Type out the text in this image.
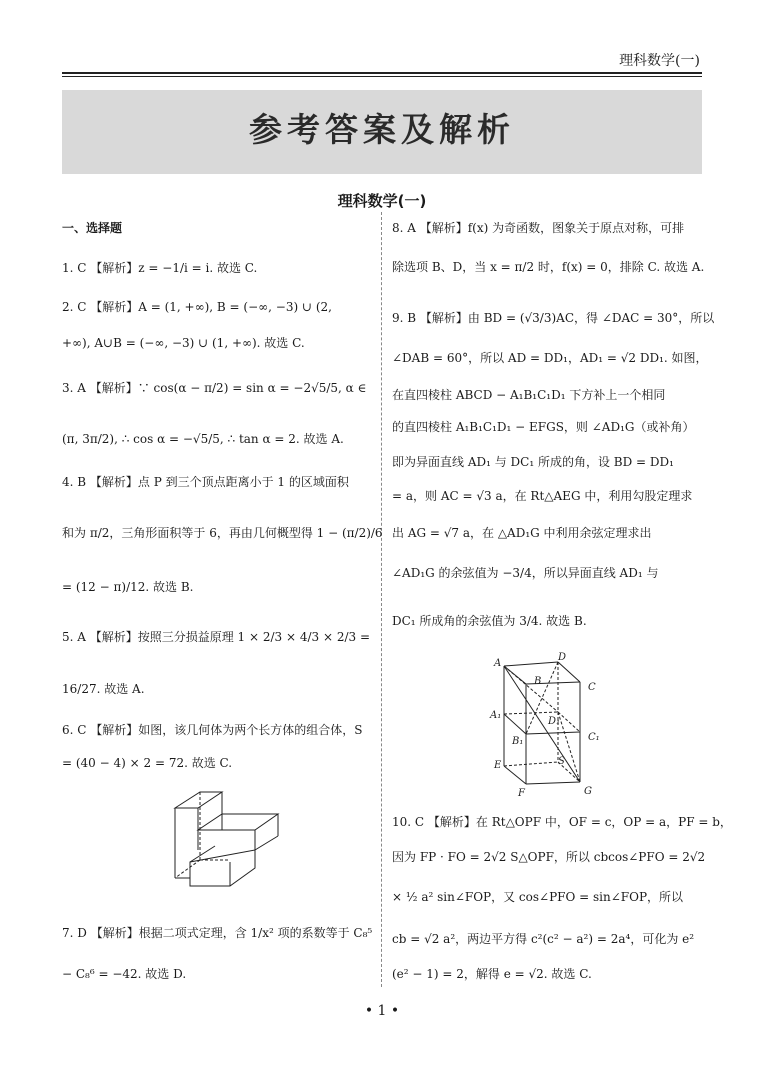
理科数学(一)
参考答案及解析
理科数学(一)
一、选择题
1. C 【解析】z = −1/i = i. 故选 C.
2. C 【解析】A = (1, +∞), B = (−∞, −3) ∪ (2,
+∞), A∪B = (−∞, −3) ∪ (1, +∞). 故选 C.
3. A 【解析】∵ cos(α − π/2) = sin α = −2√5/5, α ∈
(π, 3π/2), ∴ cos α = −√5/5, ∴ tan α = 2. 故选 A.
4. B 【解析】点 P 到三个顶点距离小于 1 的区域面积
和为 π/2，三角形面积等于 6，再由几何概型得 1 − (π/2)/6
= (12 − π)/12. 故选 B.
5. A 【解析】按照三分损益原理 1 × 2/3 × 4/3 × 2/3 =
16/27. 故选 A.
6. C 【解析】如图，该几何体为两个长方体的组合体，S
= (40 − 4) × 2 = 72. 故选 C.
7. D 【解析】根据二项式定理，含 1/x² 项的系数等于 C₈⁵
− C₈⁶ = −42. 故选 D.
8. A 【解析】f(x) 为奇函数，图象关于原点对称，可排
除选项 B、D，当 x = π/2 时，f(x) = 0，排除 C. 故选 A.
9. B 【解析】由 BD = (√3/3)AC，得 ∠DAC = 30°，所以
∠DAB = 60°，所以 AD = DD₁，AD₁ = √2 DD₁. 如图，
在直四棱柱 ABCD − A₁B₁C₁D₁ 下方补上一个相同
的直四棱柱 A₁B₁C₁D₁ − EFGS，则 ∠AD₁G（或补角）
即为异面直线 AD₁ 与 DC₁ 所成的角，设 BD = DD₁
= a，则 AC = √3 a，在 Rt△AEG 中，利用勾股定理求
出 AG = √7 a，在 △AD₁G 中利用余弦定理求出
∠AD₁G 的余弦值为 −3/4，所以异面直线 AD₁ 与
DC₁ 所成角的余弦值为 3/4. 故选 B.
A
D
B
C
A₁
D₁
B₁	C₁
E	S
F	G
10. C 【解析】在 Rt△OPF 中，OF = c，OP = a，PF = b，
因为 FP · FO = 2√2 S△OPF，所以 cbcos∠PFO = 2√2
× ½ a² sin∠FOP，又 cos∠PFO = sin∠FOP，所以
cb = √2 a²，两边平方得 c²(c² − a²) = 2a⁴，可化为 e²
(e² − 1) = 2，解得 e = √2. 故选 C.
• 1 •
